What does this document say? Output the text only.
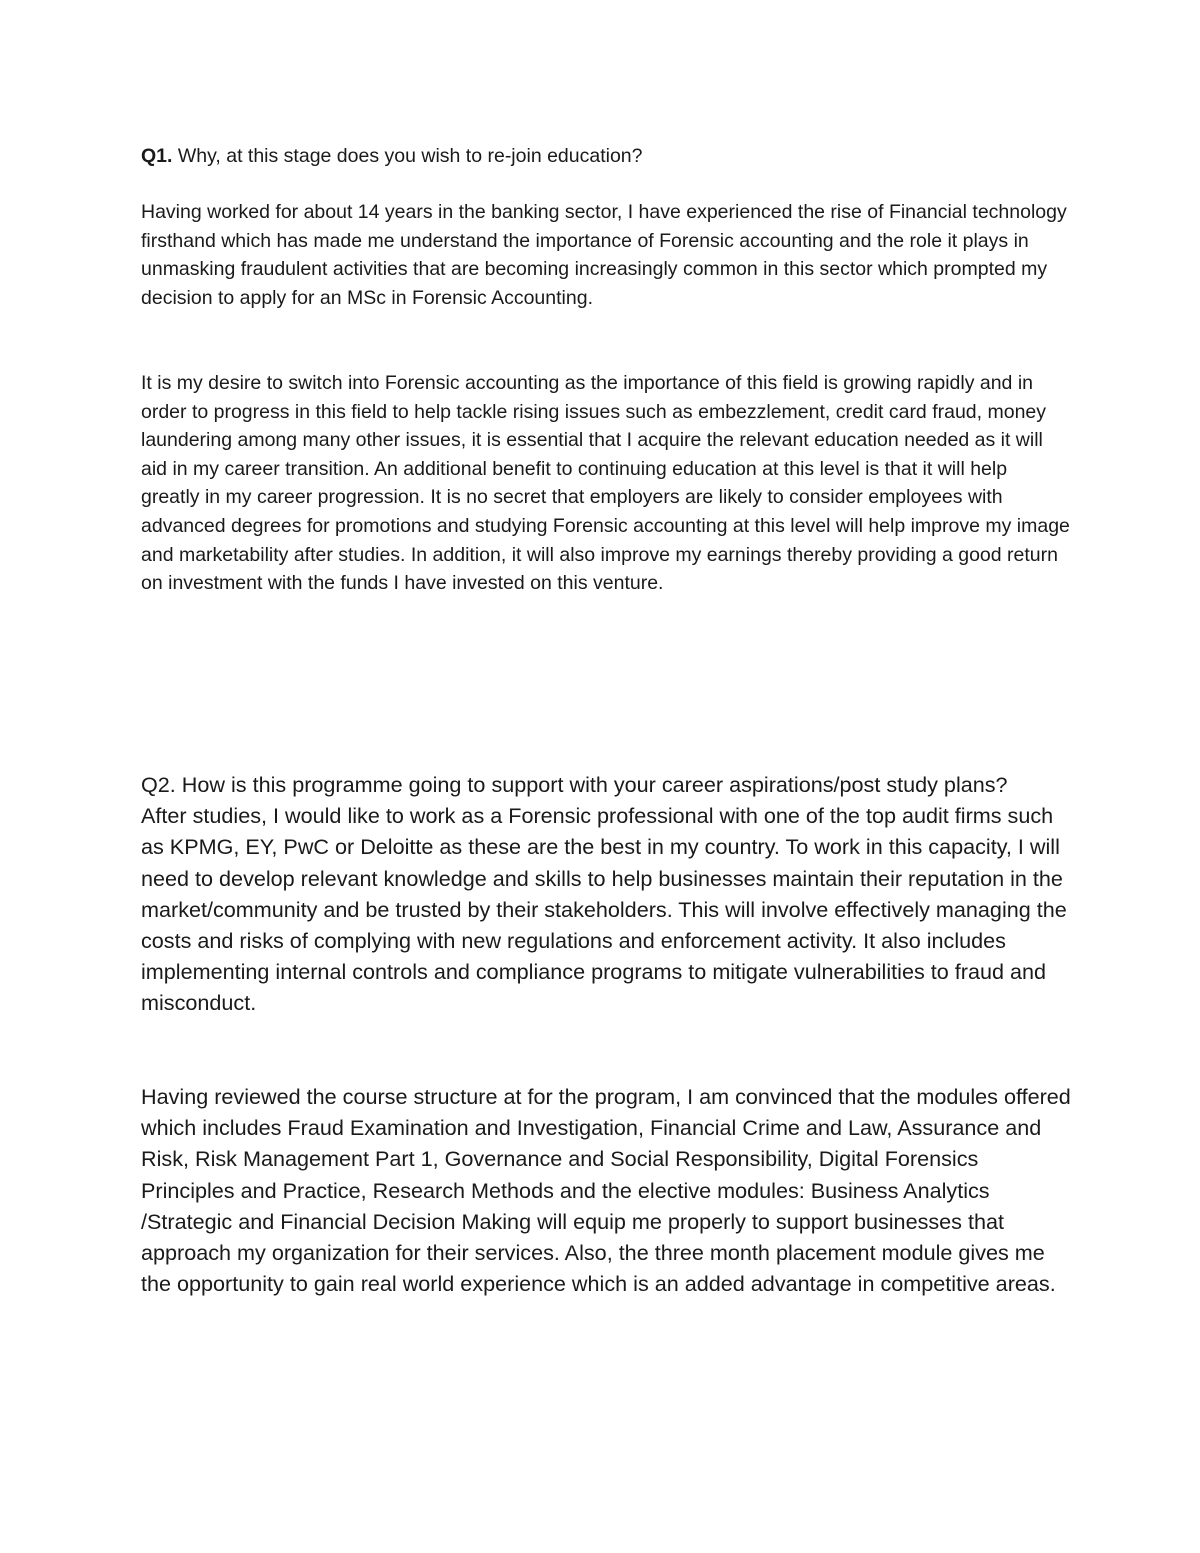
Q1. Why, at this stage does you wish to re-join education?

Having worked for about 14 years in the banking sector, I have experienced the rise of Financial technology firsthand which has made me understand the importance of Forensic accounting and the role it plays in unmasking fraudulent activities that are becoming increasingly common in this sector which prompted my decision to apply for an MSc in Forensic Accounting.

It is my desire to switch into Forensic accounting as the importance of this field is growing rapidly and in order to progress in this field to help tackle rising issues such as embezzlement, credit card fraud, money laundering among many other issues, it is essential that I acquire the relevant education needed as it will aid in my career transition. An additional benefit to continuing education at this level is that it will help greatly in my career progression. It is no secret that employers are likely to consider employees with advanced degrees for promotions and studying Forensic accounting at this level will help improve my image and marketability after studies. In addition, it will also improve my earnings thereby providing a good return on investment with the funds I have invested on this venture.

Q2. How is this programme going to support with your career aspirations/post study plans?

After studies, I would like to work as a Forensic professional with one of the top audit firms such as KPMG, EY, PwC or Deloitte as these are the best in my country. To work in this capacity, I will need to develop relevant knowledge and skills to help businesses maintain their reputation in the market/community and be trusted by their stakeholders. This will involve effectively managing the costs and risks of complying with new regulations and enforcement activity. It also includes implementing internal controls and compliance programs to mitigate vulnerabilities to fraud and misconduct.

Having reviewed the course structure at for the program, I am convinced that the modules offered which includes Fraud Examination and Investigation, Financial Crime and Law, Assurance and Risk, Risk Management Part 1, Governance and Social Responsibility, Digital Forensics Principles and Practice, Research Methods and the elective modules: Business Analytics /Strategic and Financial Decision Making will equip me properly to support businesses that approach my organization for their services. Also, the three month placement module gives me the opportunity to gain real world experience which is an added advantage in competitive areas.
